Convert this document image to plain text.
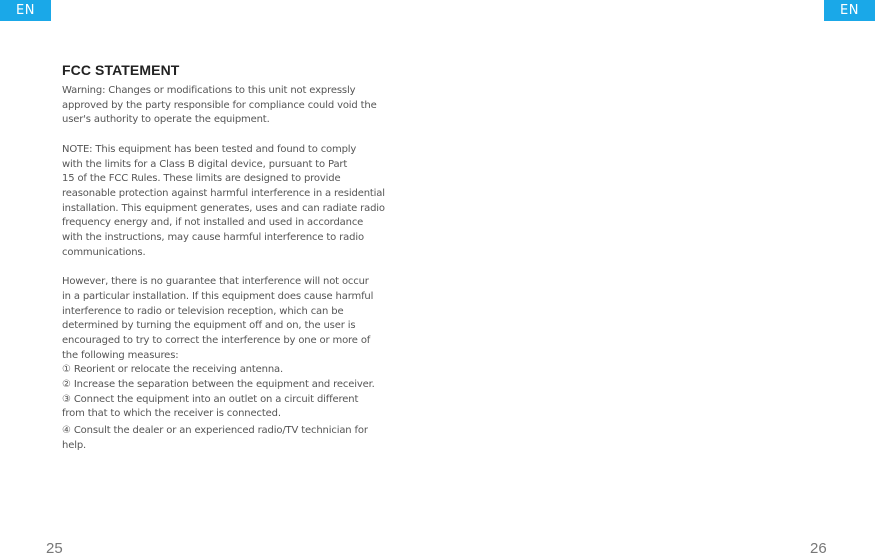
EN	EN
FCC STATEMENT

Warning: Changes or modifications to this unit not expressly
approved by the party responsible for compliance could void the
user's authority to operate the equipment.

NOTE: This equipment has been tested and found to comply
with the limits for a Class B digital device, pursuant to Part
15 of the FCC Rules. These limits are designed to provide
reasonable protection against harmful interference in a residential
installation. This equipment generates, uses and can radiate radio
frequency energy and, if not installed and used in accordance
with the instructions, may cause harmful interference to radio
communications.

However, there is no guarantee that interference will not occur
in a particular installation. If this equipment does cause harmful
interference to radio or television reception, which can be
determined by turning the equipment off and on, the user is
encouraged to try to correct the interference by one or more of
the following measures:

① Reorient or relocate the receiving antenna.

② Increase the separation between the equipment and receiver.

③ Connect the equipment into an outlet on a circuit different
from that to which the receiver is connected.

④ Consult the dealer or an experienced radio/TV technician for
help.

25	26
